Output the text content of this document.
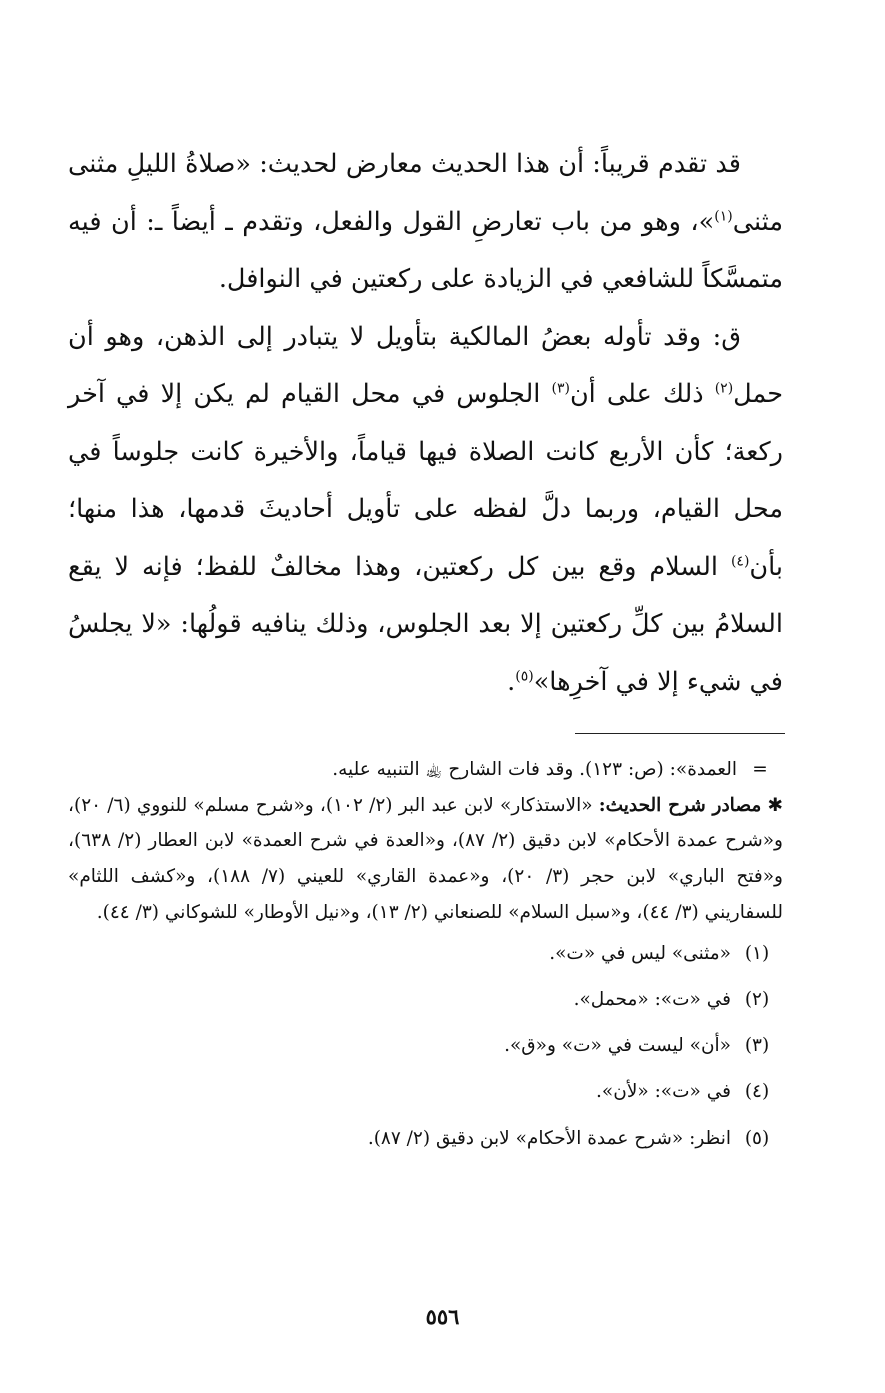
قد تقدم قريباً: أن هذا الحديث معارض لحديث: «صلاةُ الليلِ مثنى مثنى$^{(١)}$»، وهو من باب تعارضِ القول والفعل، وتقدم ـ أيضاً ـ: أن فيه متمسَّكاً للشافعي في الزيادة على ركعتين في النوافل.

ق: وقد تأوله بعضُ المالكية بتأويل لا يتبادر إلى الذهن، وهو أن حمل$^{(٢)}$ ذلك على أن$^{(٣)}$ الجلوس في محل القيام لم يكن إلا في آخر ركعة؛ كأن الأربع كانت الصلاة فيها قياماً، والأخيرة كانت جلوساً في محل القيام، وربما دلَّ لفظه على تأويل أحاديثَ قدمها، هذا منها؛ بأن$^{(٤)}$ السلام وقع بين كل ركعتين، وهذا مخالفٌ للفظ؛ فإنه لا يقع السلامُ بين كلِّ ركعتين إلا بعد الجلوس، وذلك ينافيه قولُها: «لا يجلسُ في شيء إلا في آخرِها»$^{(٥)}$.

=
العمدة»: (ص: ١٢٣). وقد فات الشارح ﵀ التنبيه عليه.
✱ مصادر شرح الحديث: «الاستذكار» لابن عبد البر (٢/ ١٠٢)، و«شرح مسلم» للنووي (٦/ ٢٠)، و«شرح عمدة الأحكام» لابن دقيق (٢/ ٨٧)، و«العدة في شرح العمدة» لابن العطار (٢/ ٦٣٨)، و«فتح الباري» لابن حجر (٣/ ٢٠)، و«عمدة القاري» للعيني (٧/ ١٨٨)، و«كشف اللثام» للسفاريني (٣/ ٤٤)، و«سبل السلام» للصنعاني (٢/ ١٣)، و«نيل الأوطار» للشوكاني (٣/ ٤٤).
(١)
«مثنى» ليس في «ت».
(٢)
في «ت»: «محمل».
(٣)
«أن» ليست في «ت» و«ق».
(٤)
في «ت»: «لأن».
(٥)
انظر: «شرح عمدة الأحكام» لابن دقيق (٢/ ٨٧).
٥٥٦
